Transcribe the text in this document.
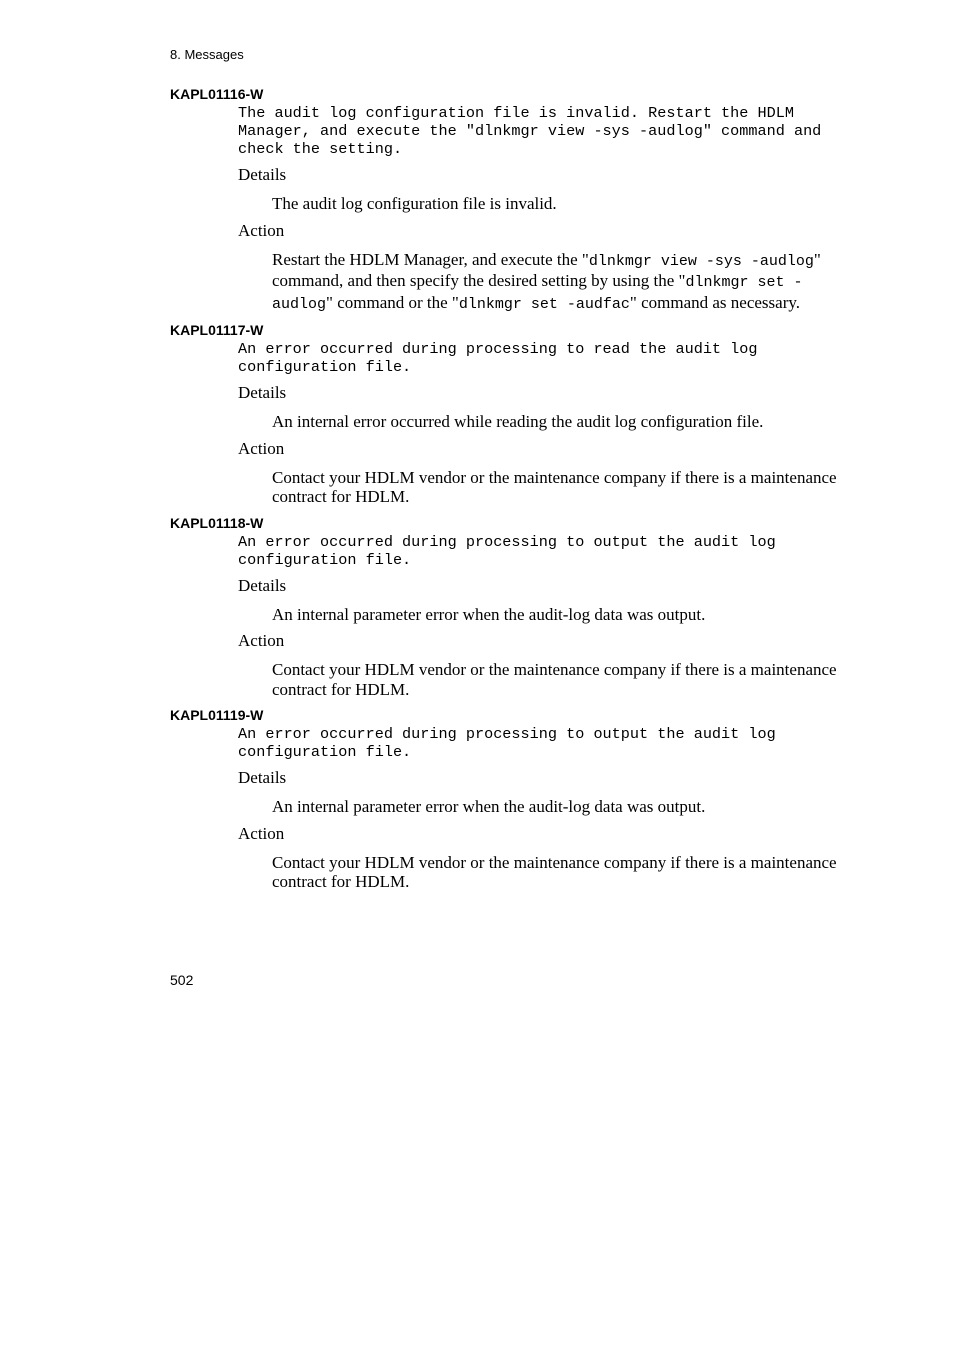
8. Messages
KAPL01116-W
The audit log configuration file is invalid. Restart the HDLM Manager, and execute the "dlnkmgr view -sys -audlog" command and check the setting.
Details
The audit log configuration file is invalid.
Action
Restart the HDLM Manager, and execute the "dlnkmgr view -sys -audlog" command, and then specify the desired setting by using the "dlnkmgr set -audlog" command or the "dlnkmgr set -audfac" command as necessary.
KAPL01117-W
An error occurred during processing to read the audit log configuration file.
Details
An internal error occurred while reading the audit log configuration file.
Action
Contact your HDLM vendor or the maintenance company if there is a maintenance contract for HDLM.
KAPL01118-W
An error occurred during processing to output the audit log configuration file.
Details
An internal parameter error when the audit-log data was output.
Action
Contact your HDLM vendor or the maintenance company if there is a maintenance contract for HDLM.
KAPL01119-W
An error occurred during processing to output the audit log configuration file.
Details
An internal parameter error when the audit-log data was output.
Action
Contact your HDLM vendor or the maintenance company if there is a maintenance contract for HDLM.
502
